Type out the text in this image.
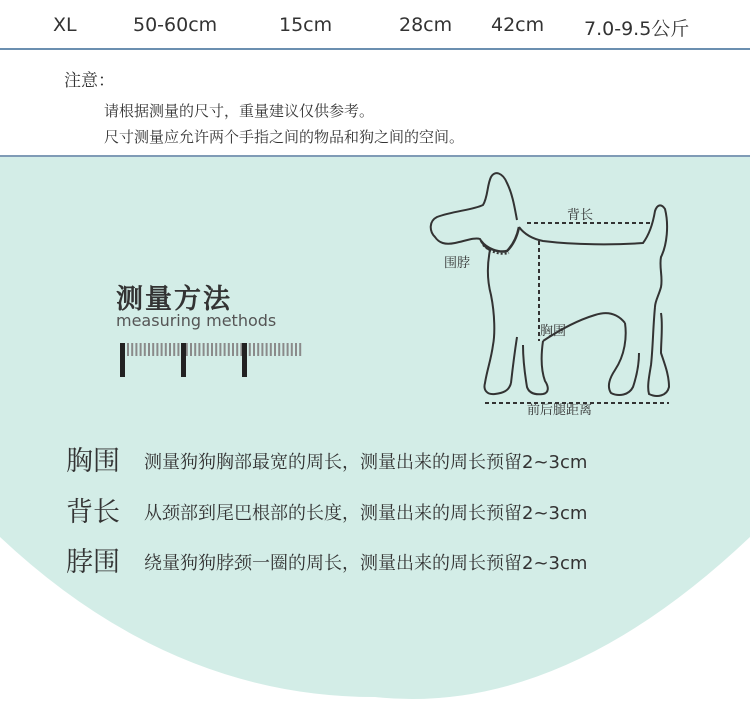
XL	50-60cm	15cm	28cm 42cm 7.0-9.5公斤
注意：
请根据测量的尺寸，重量建议仅供参考。
尺寸测量应允许两个手指之间的物品和狗之间的空间。
测量方法
measuring methods
背长
围脖
胸围
前后腿距离
胸围 测量狗狗胸部最宽的周长，测量出来的周长预留2~3cm
背长 从颈部到尾巴根部的长度，测量出来的周长预留2~3cm
脖围 绕量狗狗脖颈一圈的周长，测量出来的周长预留2~3cm
